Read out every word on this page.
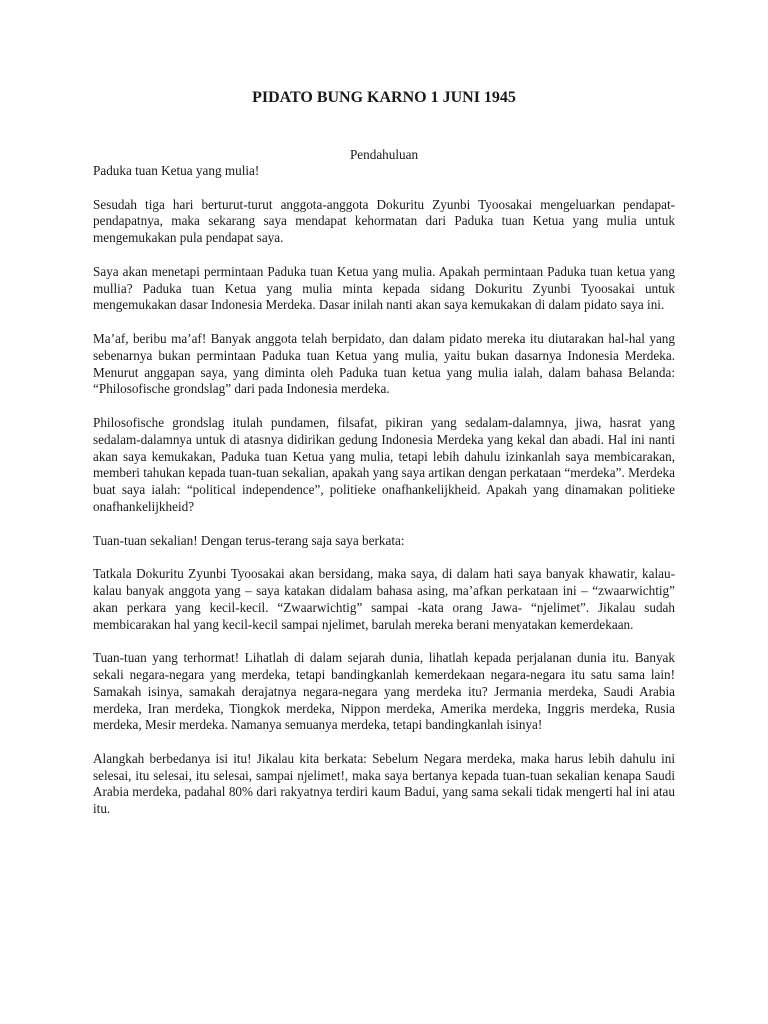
PIDATO BUNG KARNO 1 JUNI 1945
Pendahuluan

Paduka tuan Ketua yang mulia!

Sesudah tiga hari berturut-turut anggota-anggota Dokuritu Zyunbi Tyoosakai mengeluarkan pendapat-pendapatnya, maka sekarang saya mendapat kehormatan dari Paduka tuan Ketua yang mulia untuk mengemukakan pula pendapat saya.

Saya akan menetapi permintaan Paduka tuan Ketua yang mulia. Apakah permintaan Paduka tuan ketua yang mullia? Paduka tuan Ketua yang mulia minta kepada sidang Dokuritu Zyunbi Tyoosakai untuk mengemukakan dasar Indonesia Merdeka. Dasar inilah nanti akan saya kemukakan di dalam pidato saya ini.

Ma’af, beribu ma’af! Banyak anggota telah berpidato, dan dalam pidato mereka itu diutarakan hal-hal yang sebenarnya bukan permintaan Paduka tuan Ketua yang mulia, yaitu bukan dasarnya Indonesia Merdeka. Menurut anggapan saya, yang diminta oleh Paduka tuan ketua yang mulia ialah, dalam bahasa Belanda: “Philosofische grondslag” dari pada Indonesia merdeka.

Philosofische grondslag itulah pundamen, filsafat, pikiran yang sedalam-dalamnya, jiwa, hasrat yang sedalam-dalamnya untuk di atasnya didirikan gedung Indonesia Merdeka yang kekal dan abadi. Hal ini nanti akan saya kemukakan, Paduka tuan Ketua yang mulia, tetapi lebih dahulu izinkanlah saya membicarakan, memberi tahukan kepada tuan-tuan sekalian, apakah yang saya artikan dengan perkataan “merdeka”. Merdeka buat saya ialah: “political independence”, politieke onafhankelijkheid. Apakah yang dinamakan politieke onafhankelijkheid?

Tuan-tuan sekalian! Dengan terus-terang saja saya berkata:

Tatkala Dokuritu Zyunbi Tyoosakai akan bersidang, maka saya, di dalam hati saya banyak khawatir, kalau-kalau banyak anggota yang – saya katakan didalam bahasa asing, ma’afkan perkataan ini – “zwaarwichtig” akan perkara yang kecil-kecil. “Zwaarwichtig” sampai -kata orang Jawa- “njelimet”. Jikalau sudah membicarakan hal yang kecil-kecil sampai njelimet, barulah mereka berani menyatakan kemerdekaan.

Tuan-tuan yang terhormat! Lihatlah di dalam sejarah dunia, lihatlah kepada perjalanan dunia itu. Banyak sekali negara-negara yang merdeka, tetapi bandingkanlah kemerdekaan negara-negara itu satu sama lain! Samakah isinya, samakah derajatnya negara-negara yang merdeka itu? Jermania merdeka, Saudi Arabia merdeka, Iran merdeka, Tiongkok merdeka, Nippon merdeka, Amerika merdeka, Inggris merdeka, Rusia merdeka, Mesir merdeka. Namanya semuanya merdeka, tetapi bandingkanlah isinya!

Alangkah berbedanya isi itu! Jikalau kita berkata: Sebelum Negara merdeka, maka harus lebih dahulu ini selesai, itu selesai, itu selesai, sampai njelimet!, maka saya bertanya kepada tuan-tuan sekalian kenapa Saudi Arabia merdeka, padahal 80% dari rakyatnya terdiri kaum Badui, yang sama sekali tidak mengerti hal ini atau itu.
